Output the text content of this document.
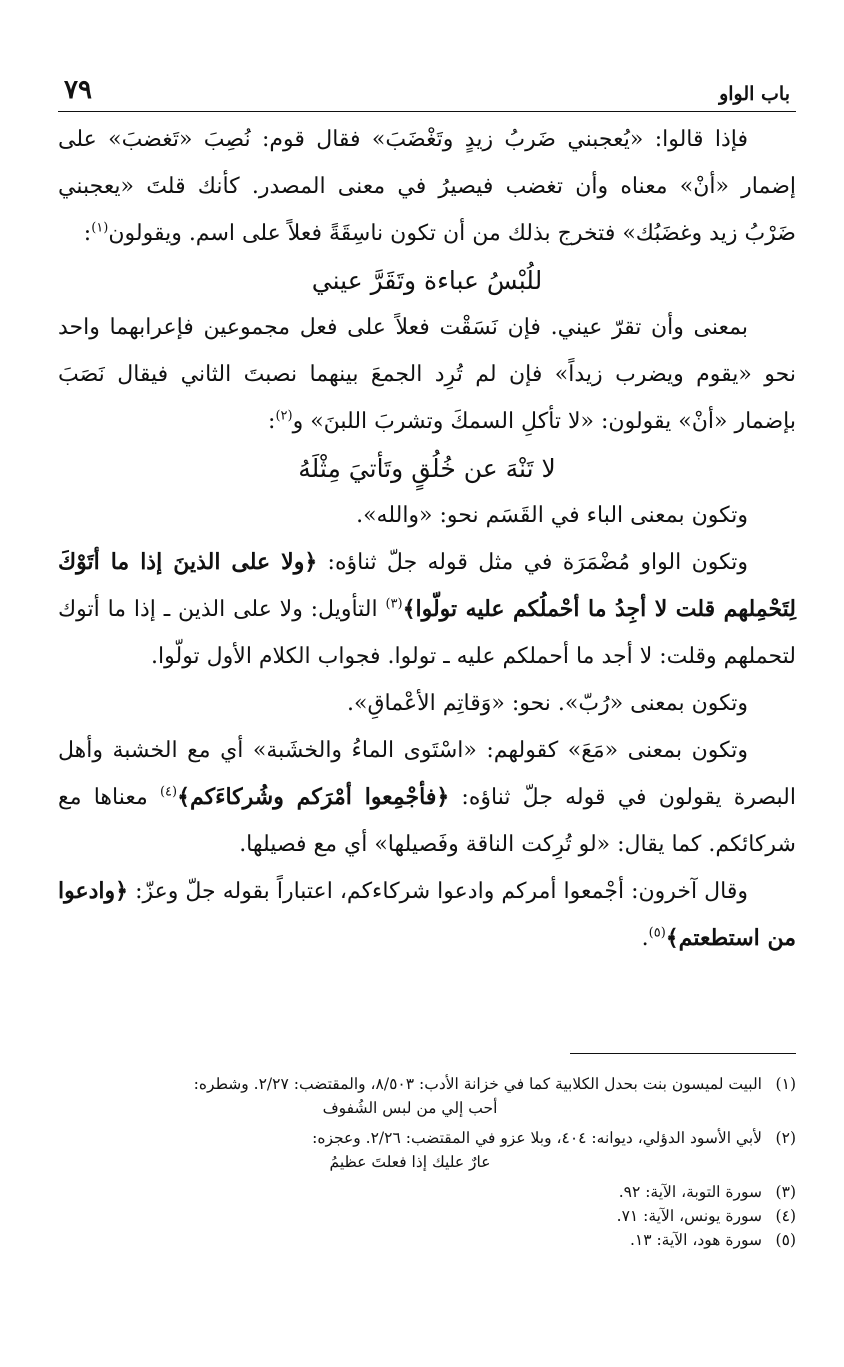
باب الواو
٧٩

فإذا قالوا: «يُعجبني ضَربُ زيدٍ وتَغْضَبَ» فقال قوم: نُصِبَ «تَغضبَ» على إضمار «أنْ» معناه وأن تغضب فيصيرُ في معنى المصدر. كأنك قلتَ «يعجبني ضَرْبُ زيد وغضَبُك» فتخرج بذلك من أن تكون ناسِقَةً فعلاً على اسم. ويقولون$^{(١)}$:

للُبْسُ عباءة وتَقَرَّ عيني

بمعنى وأن تقرّ عيني. فإن نَسَقْت فعلاً على فعل مجموعين فإعرابهما واحد نحو «يقوم ويضرب زيداً» فإن لم تُرِد الجمعَ بينهما نصبتَ الثاني فيقال نَصَبَ بإضمار «أنْ» يقولون: «لا تأكلِ السمكَ وتشربَ اللبنَ» و$^{(٢)}$:

لا تَنْهَ عن خُلُقٍ وتَأتيَ مِثْلَهُ

وتكون بمعنى الباء في القَسَم نحو: «والله».

وتكون الواو مُضْمَرَة في مثل قوله جلّ ثناؤه: ﴿ولا على الذينَ إذا ما أتَوْكَ لِتَحْمِلهم قلت لا أجِدُ ما أحْملُكم عليه تولّوا﴾$^{(٣)}$ التأويل: ولا على الذين ـ إذا ما أتوك لتحملهم وقلت: لا أجد ما أحملكم عليه ـ تولوا. فجواب الكلام الأول تولّوا.

وتكون بمعنى «رُبّ». نحو: «وَقاتِم الأعْماقِ».

وتكون بمعنى «مَعَ» كقولهم: «اسْتَوى الماءُ والخشَبة» أي مع الخشبة وأهل البصرة يقولون في قوله جلّ ثناؤه: ﴿فأجْمِعوا أمْرَكم وشُركاءَكم﴾$^{(٤)}$ معناها مع شركائكم. كما يقال: «لو تُرِكت الناقة وفَصيلها» أي مع فصيلها.

وقال آخرون: أجْمعوا أمركم وادعوا شركاءكم، اعتباراً بقوله جلّ وعزّ: ﴿وادعوا من استطعتم﴾$^{(٥)}$.

(١)
البيت لميسون بنت بحدل الكلابية كما في خزانة الأدب: ٨/٥٠٣، والمقتضب: ٢/٢٧. وشطره:
أحب إلي من لبس الشُفوف
(٢)
لأبي الأسود الدؤلي، ديوانه: ٤٠٤، وبلا عزو في المقتضب: ٢/٢٦. وعجزه:
عارٌ عليك إذا فعلتَ عظيمُ
(٣)
سورة التوبة، الآية: ٩٢.
(٤)
سورة يونس، الآية: ٧١.
(٥)
سورة هود، الآية: ١٣.
